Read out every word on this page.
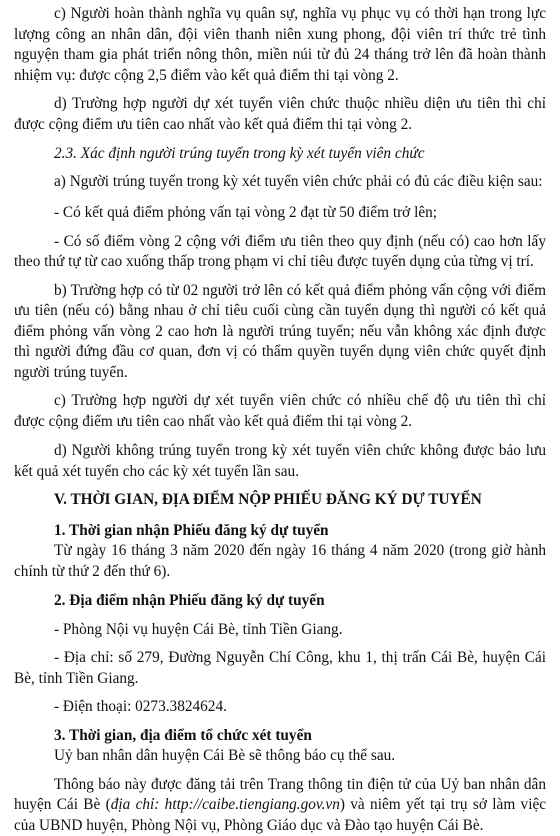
c) Người hoàn thành nghĩa vụ quân sự, nghĩa vụ phục vụ có thời hạn trong lực lượng công an nhân dân, đội viên thanh niên xung phong, đội viên trí thức trẻ tình nguyện tham gia phát triển nông thôn, miền núi từ đủ 24 tháng trở lên đã hoàn thành nhiệm vụ: được cộng 2,5 điểm vào kết quả điểm thi tại vòng 2.

d) Trường hợp người dự xét tuyển viên chức thuộc nhiều diện ưu tiên thì chỉ được cộng điểm ưu tiên cao nhất vào kết quả điểm thi tại vòng 2.

2.3. Xác định người trúng tuyển trong kỳ xét tuyển viên chức

a) Người trúng tuyển trong kỳ xét tuyển viên chức phải có đủ các điều kiện sau:

- Có kết quả điểm phỏng vấn tại vòng 2 đạt từ 50 điểm trở lên;

- Có số điểm vòng 2 cộng với điểm ưu tiên theo quy định (nếu có) cao hơn lấy theo thứ tự từ cao xuống thấp trong phạm vi chỉ tiêu được tuyển dụng của từng vị trí.

b) Trường hợp có từ 02 người trở lên có kết quả điểm phỏng vấn cộng với điểm ưu tiên (nếu có) bằng nhau ở chỉ tiêu cuối cùng cần tuyển dụng thì người có kết quả điểm phỏng vấn vòng 2 cao hơn là người trúng tuyển; nếu vẫn không xác định được thì người đứng đầu cơ quan, đơn vị có thẩm quyền tuyển dụng viên chức quyết định người trúng tuyển.

c) Trường hợp người dự xét tuyển viên chức có nhiều chế độ ưu tiên thì chỉ được cộng điểm ưu tiên cao nhất vào kết quả điểm thi tại vòng 2.

d) Người không trúng tuyển trong kỳ xét tuyển viên chức không được bảo lưu kết quả xét tuyển cho các kỳ xét tuyển lần sau.

V. THỜI GIAN, ĐỊA ĐIỂM NỘP PHIẾU ĐĂNG KÝ DỰ TUYỂN

1. Thời gian nhận Phiếu đăng ký dự tuyển

Từ ngày 16 tháng 3 năm 2020 đến ngày 16 tháng 4 năm 2020 (trong giờ hành chính từ thứ 2 đến thứ 6).

2. Địa điểm nhận Phiếu đăng ký dự tuyển

- Phòng Nội vụ huyện Cái Bè, tỉnh Tiền Giang.

- Địa chỉ: số 279, Đường Nguyễn Chí Công, khu 1, thị trấn Cái Bè, huyện Cái Bè, tỉnh Tiền Giang.

- Điện thoại: 0273.3824624.

3. Thời gian, địa điểm tổ chức xét tuyển

Uỷ ban nhân dân huyện Cái Bè sẽ thông báo cụ thể sau.

Thông báo này được đăng tải trên Trang thông tin điện tử của Uỷ ban nhân dân huyện Cái Bè (địa chỉ: http://caibe.tiengiang.gov.vn) và niêm yết tại trụ sở làm việc của UBND huyện, Phòng Nội vụ, Phòng Giáo dục và Đào tạo huyện Cái Bè.
